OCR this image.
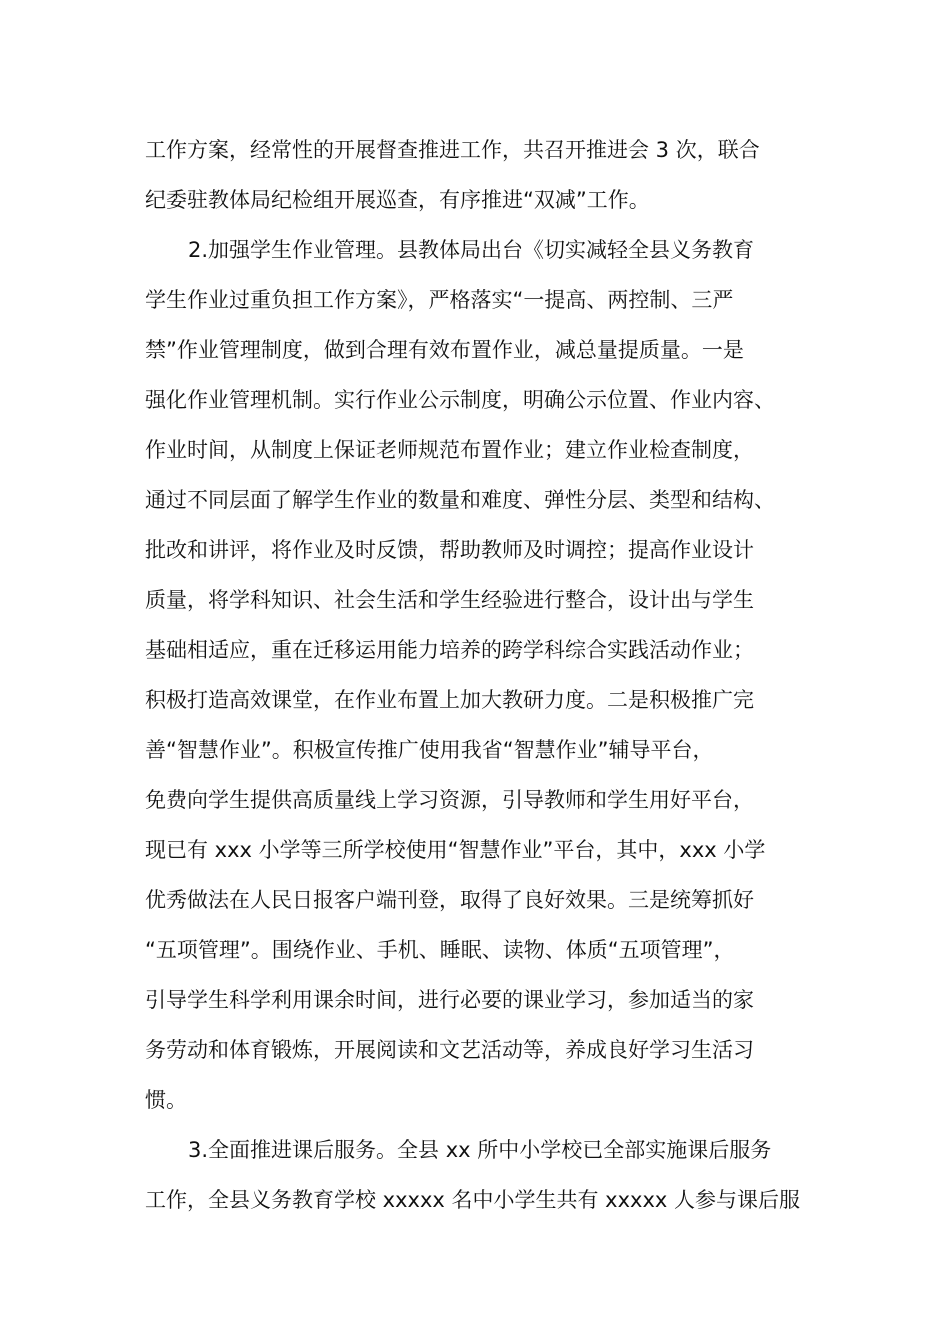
工作方案，经常性的开展督查推进工作，共召开推进会 3 次，联合
纪委驻教体局纪检组开展巡查，有序推进“双减”工作。
2.加强学生作业管理。县教体局出台《切实减轻全县义务教育
学生作业过重负担工作方案》，严格落实“一提高、两控制、三严
禁”作业管理制度，做到合理有效布置作业，减总量提质量。一是
强化作业管理机制。实行作业公示制度，明确公示位置、作业内容、
作业时间，从制度上保证老师规范布置作业；建立作业检查制度，
通过不同层面了解学生作业的数量和难度、弹性分层、类型和结构、
批改和讲评，将作业及时反馈，帮助教师及时调控；提高作业设计
质量，将学科知识、社会生活和学生经验进行整合，设计出与学生
基础相适应，重在迁移运用能力培养的跨学科综合实践活动作业；
积极打造高效课堂，在作业布置上加大教研力度。二是积极推广完
善“智慧作业”。积极宣传推广使用我省“智慧作业”辅导平台，
免费向学生提供高质量线上学习资源，引导教师和学生用好平台，
现已有 xxx 小学等三所学校使用“智慧作业”平台，其中，xxx 小学
优秀做法在人民日报客户端刊登，取得了良好效果。三是统筹抓好
“五项管理”。围绕作业、手机、睡眠、读物、体质“五项管理”，
引导学生科学利用课余时间，进行必要的课业学习，参加适当的家
务劳动和体育锻炼，开展阅读和文艺活动等，养成良好学习生活习
惯。
3.全面推进课后服务。全县 xx 所中小学校已全部实施课后服务
工作，全县义务教育学校 xxxxx 名中小学生共有 xxxxx 人参与课后服
